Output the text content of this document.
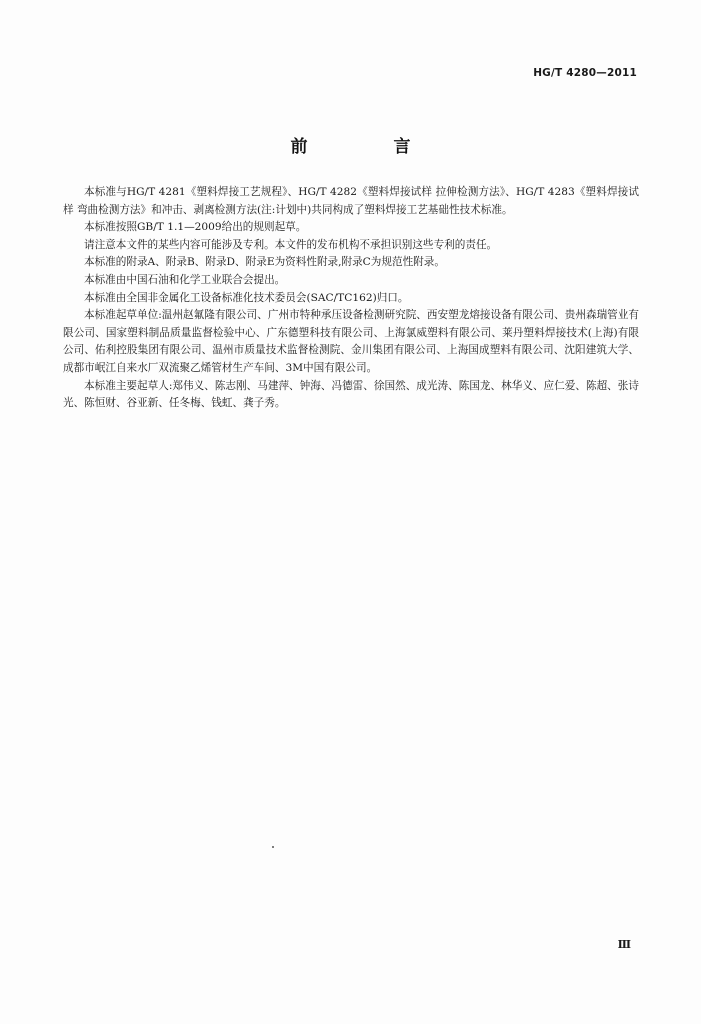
HG/T 4280—2011
前 言

本标准与HG/T 4281《塑料焊接工艺规程》、HG/T 4282《塑料焊接试样 拉伸检测方法》、HG/T 4283《塑料焊接试样 弯曲检测方法》和冲击、剥离检测方法(注:计划中)共同构成了塑料焊接工艺基础性技术标准。

本标准按照GB/T 1.1—2009给出的规则起草。

请注意本文件的某些内容可能涉及专利。本文件的发布机构不承担识别这些专利的责任。

本标准的附录A、附录B、附录D、附录E为资料性附录,附录C为规范性附录。

本标准由中国石油和化学工业联合会提出。

本标准由全国非金属化工设备标准化技术委员会(SAC/TC162)归口。

本标准起草单位:温州赵氟隆有限公司、广州市特种承压设备检测研究院、西安塑龙熔接设备有限公司、贵州森瑞管业有限公司、国家塑料制品质量监督检验中心、广东德塑科技有限公司、上海氯威塑料有限公司、莱丹塑料焊接技术(上海)有限公司、佑利控股集团有限公司、温州市质量技术监督检测院、金川集团有限公司、上海国成塑料有限公司、沈阳建筑大学、成都市岷江自来水厂双流聚乙烯管材生产车间、3M中国有限公司。

本标准主要起草人:郑伟义、陈志刚、马建萍、钟海、冯德雷、徐国然、成光涛、陈国龙、林华义、应仁爱、陈超、张诗光、陈恒财、谷亚新、任冬梅、钱虹、龚子秀。

Ⅲ
